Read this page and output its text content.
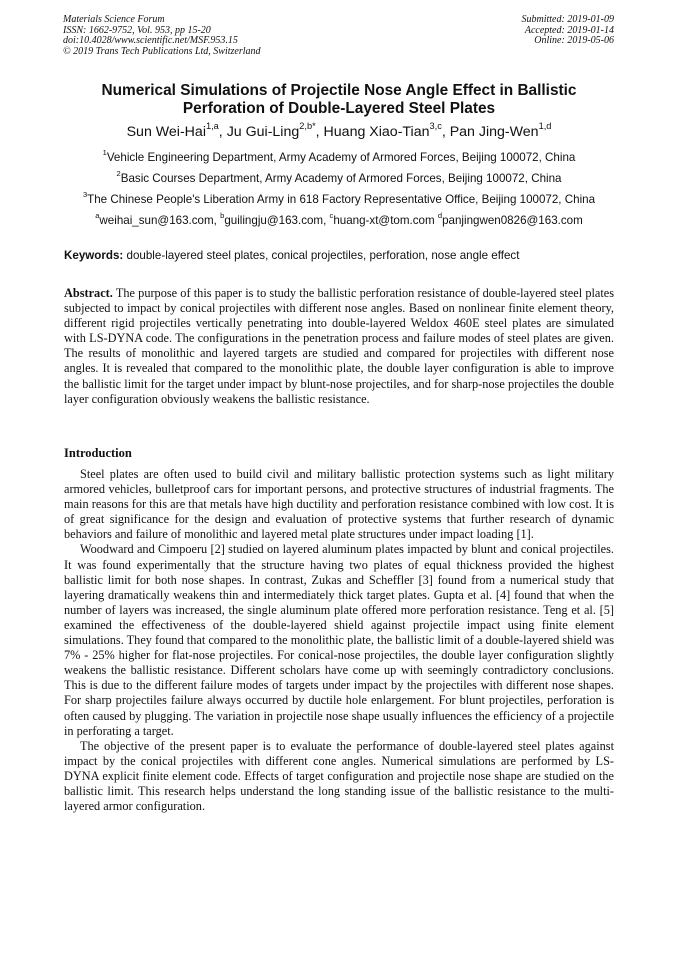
Materials Science Forum
ISSN: 1662-9752, Vol. 953, pp 15-20
doi:10.4028/www.scientific.net/MSF.953.15
© 2019 Trans Tech Publications Ltd, Switzerland
Submitted: 2019-01-09
Accepted: 2019-01-14
Online: 2019-05-06
Numerical Simulations of Projectile Nose Angle Effect in Ballistic
Perforation of Double-Layered Steel Plates
Sun Wei-Hai$^{1,a}$, Ju Gui-Ling$^{2,b*}$, Huang Xiao-Tian$^{3,c}$, Pan Jing-Wen$^{1,d}$
$^1$Vehicle Engineering Department, Army Academy of Armored Forces, Beijing 100072, China
$^2$Basic Courses Department, Army Academy of Armored Forces, Beijing 100072, China
$^3$The Chinese People's Liberation Army in 618 Factory Representative Office, Beijing 100072, China
$^a$weihai_sun@163.com, $^b$guilingju@163.com, $^c$huang-xt@tom.com $^d$panjingwen0826@163.com
Keywords: double-layered steel plates, conical projectiles, perforation, nose angle effect
Abstract. The purpose of this paper is to study the ballistic perforation resistance of double-layered steel plates subjected to impact by conical projectiles with different nose angles. Based on nonlinear finite element theory, different rigid projectiles vertically penetrating into double-layered Weldox 460E steel plates are simulated with LS-DYNA code. The configurations in the penetration process and failure modes of steel plates are given. The results of monolithic and layered targets are studied and compared for projectiles with different nose angles. It is revealed that compared to the monolithic plate, the double layer configuration is able to improve the ballistic limit for the target under impact by blunt-nose projectiles, and for sharp-nose projectiles the double layer configuration obviously weakens the ballistic resistance.
Introduction

Steel plates are often used to build civil and military ballistic protection systems such as light military armored vehicles, bulletproof cars for important persons, and protective structures of industrial fragments. The main reasons for this are that metals have high ductility and perforation resistance combined with low cost. It is of great significance for the design and evaluation of protective systems that further research of dynamic behaviors and failure of monolithic and layered metal plate structures under impact loading [1].

Woodward and Cimpoeru [2] studied on layered aluminum plates impacted by blunt and conical projectiles. It was found experimentally that the structure having two plates of equal thickness provided the highest ballistic limit for both nose shapes. In contrast, Zukas and Scheffler [3] found from a numerical study that layering dramatically weakens thin and intermediately thick target plates. Gupta et al. [4] found that when the number of layers was increased, the single aluminum plate offered more perforation resistance. Teng et al. [5] examined the effectiveness of the double-layered shield against projectile impact using finite element simulations. They found that compared to the monolithic plate, the ballistic limit of a double-layered shield was 7% - 25% higher for flat-nose projectiles. For conical-nose projectiles, the double layer configuration slightly weakens the ballistic resistance. Different scholars have come up with seemingly contradictory conclusions. This is due to the different failure modes of targets under impact by the projectiles with different nose shapes. For sharp projectiles failure always occurred by ductile hole enlargement. For blunt projectiles, perforation is often caused by plugging. The variation in projectile nose shape usually influences the efficiency of a projectile in perforating a target.

The objective of the present paper is to evaluate the performance of double-layered steel plates against impact by the conical projectiles with different cone angles. Numerical simulations are performed by LS-DYNA explicit finite element code. Effects of target configuration and projectile nose shape are studied on the ballistic limit. This research helps understand the long standing issue of the ballistic resistance to the multi-layered armor configuration.
